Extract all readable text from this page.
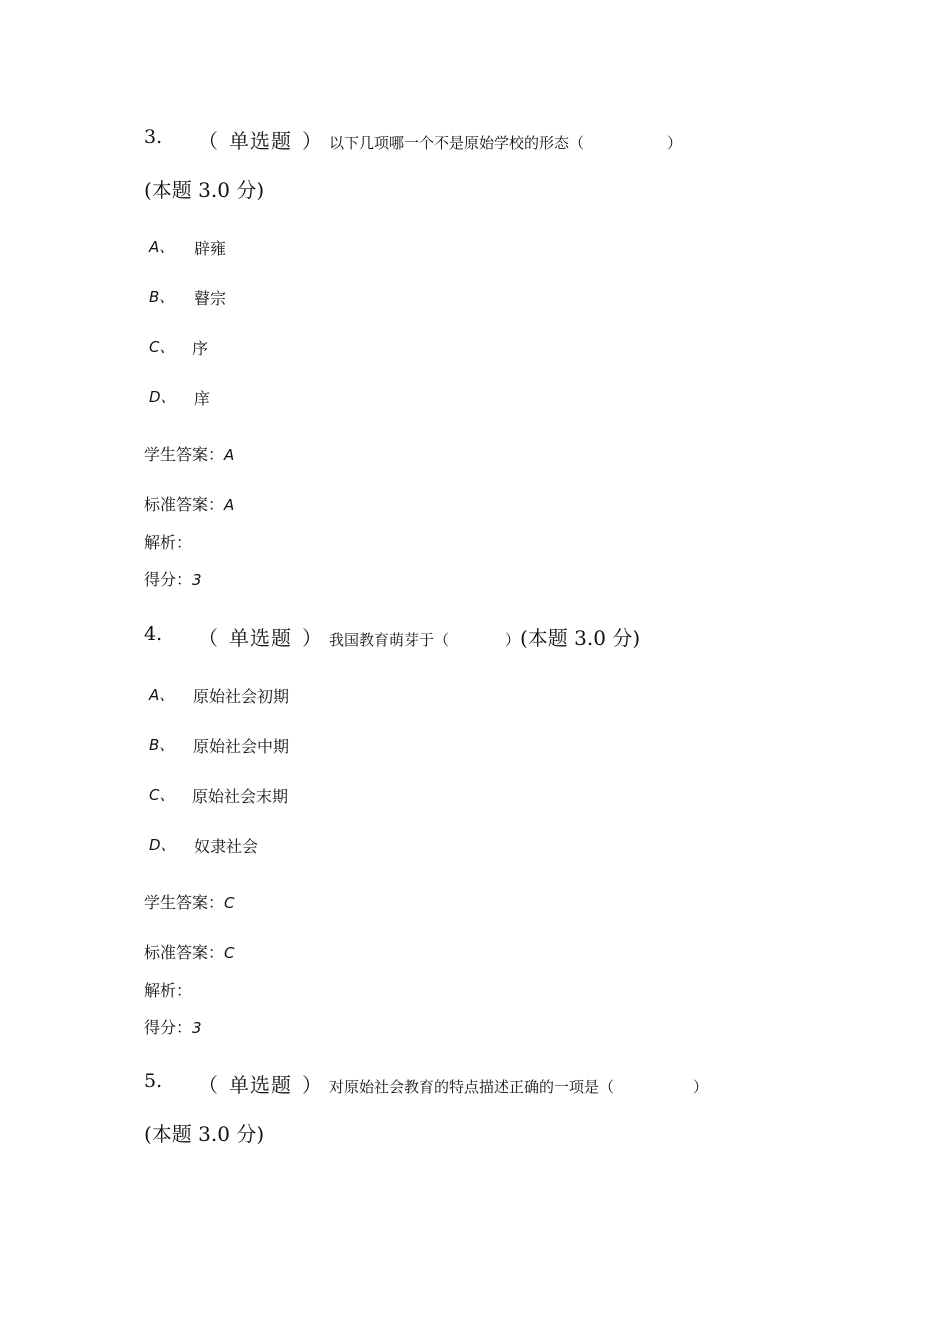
3. （ 单选题 ） 以下几项哪一个不是原始学校的形态（	）
(本题 3.0 分)
A、 辟雍
B、 瞽宗
C、 序
D、 庠
学生答案：A
标准答案：A
解析：
得分：3
4. （ 单选题 ） 我国教育萌芽于（	） (本题 3.0 分)
A、 原始社会初期
B、 原始社会中期
C、 原始社会末期
D、 奴隶社会
学生答案：C
标准答案：C
解析：
得分：3
5. （ 单选题 ） 对原始社会教育的特点描述正确的一项是（	）
(本题 3.0 分)
